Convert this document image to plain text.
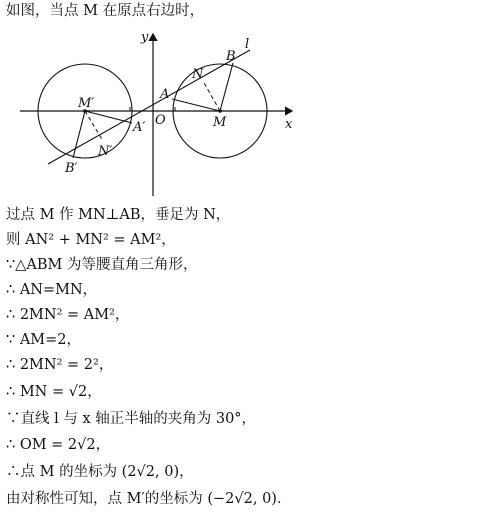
如图，当点 M 在原点右边时，
y
x
O
l
A
B
N
M
M′
N′
A′
B′
过点 M 作 MN⊥AB，垂足为 N，
则 AN² + MN² = AM²，
∵△ABM 为等腰直角三角形，
∴ AN=MN，
∴ 2MN² = AM²，
∵ AM=2，
∴ 2MN² = 2²，
∴ MN = √2，
∵直线 l 与 x 轴正半轴的夹角为 30°，
∴ OM = 2√2，
∴点 M 的坐标为 (2√2, 0)，
由对称性可知，点 M′的坐标为 (−2√2, 0)．
